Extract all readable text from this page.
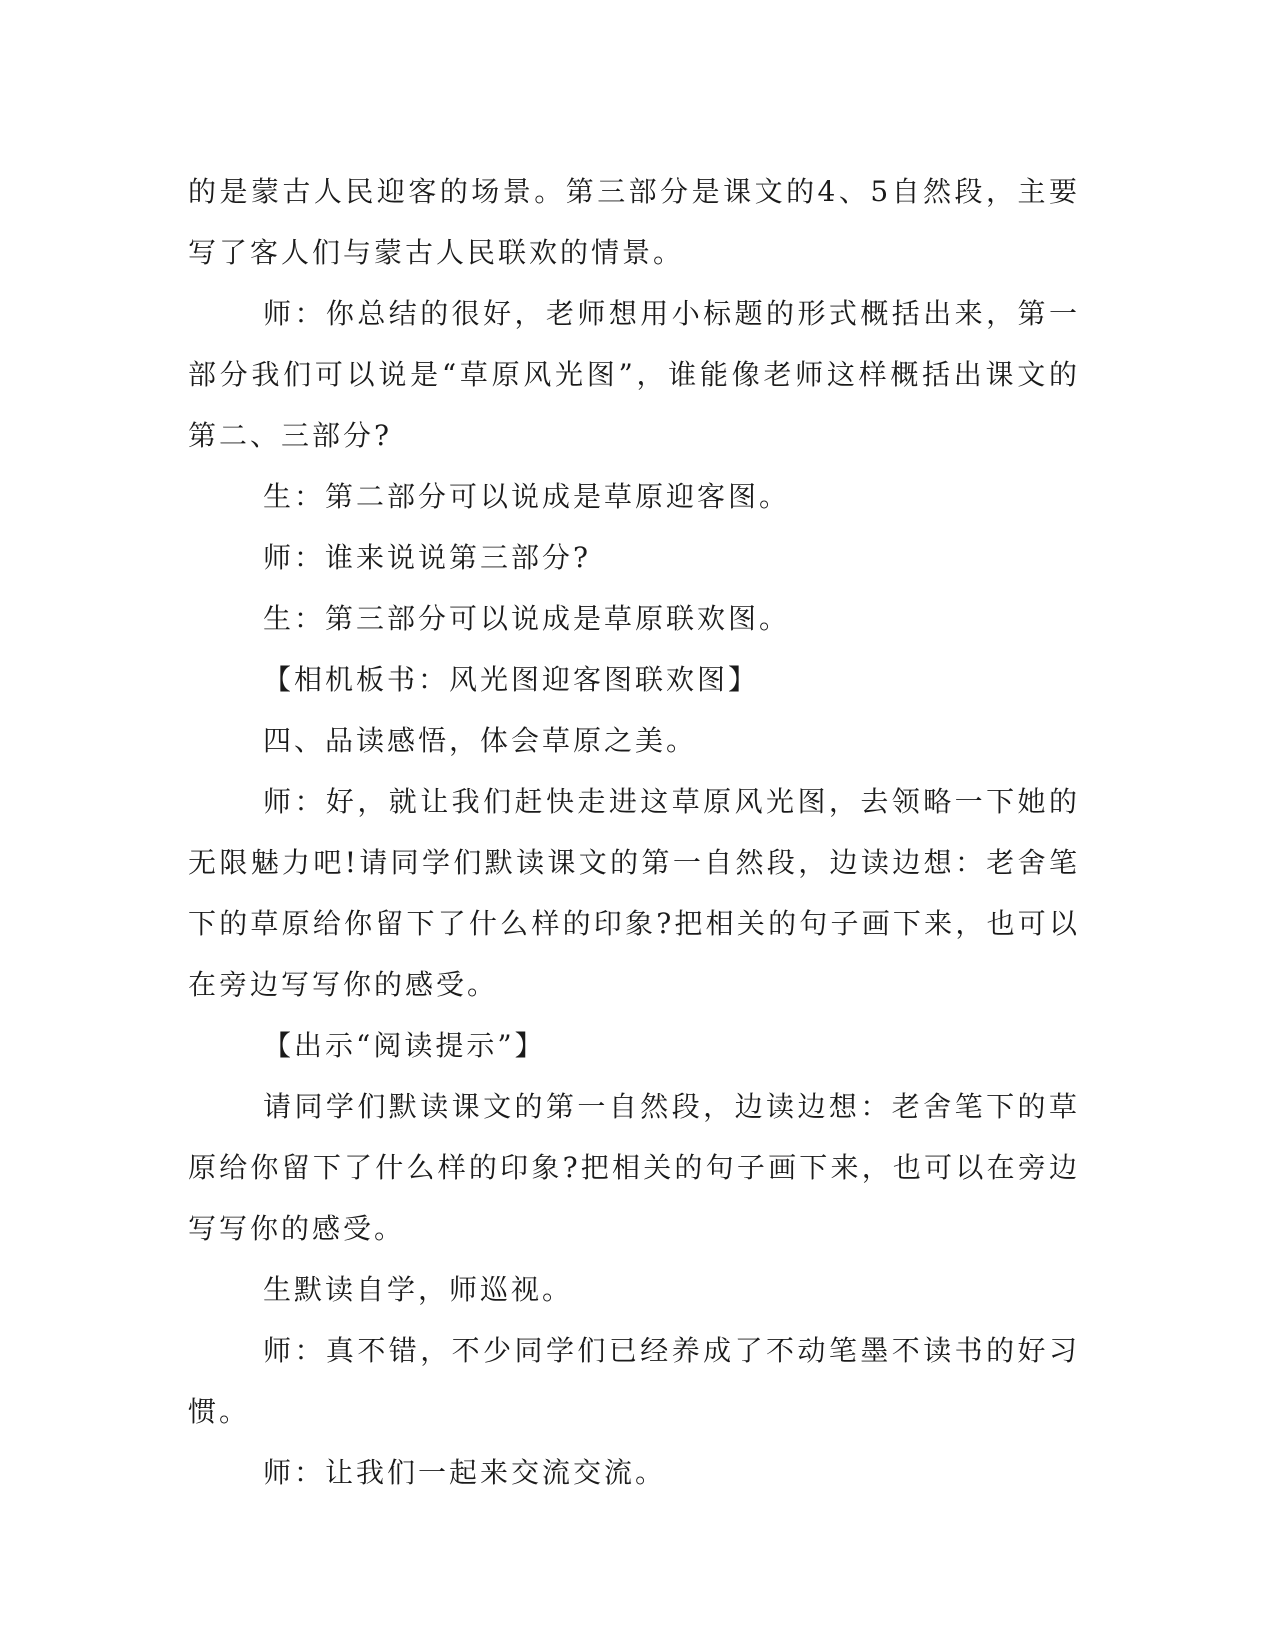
的是蒙古人民迎客的场景。第三部分是课文的4、5自然段，主要写了客人们与蒙古人民联欢的情景。

师：你总结的很好，老师想用小标题的形式概括出来，第一部分我们可以说是“草原风光图”，谁能像老师这样概括出课文的第二、三部分?

生：第二部分可以说成是草原迎客图。

师：谁来说说第三部分?

生：第三部分可以说成是草原联欢图。

【相机板书：风光图迎客图联欢图】

四、品读感悟，体会草原之美。

师：好，就让我们赶快走进这草原风光图，去领略一下她的无限魅力吧!请同学们默读课文的第一自然段，边读边想：老舍笔下的草原给你留下了什么样的印象?把相关的句子画下来，也可以在旁边写写你的感受。

【出示“阅读提示”】

请同学们默读课文的第一自然段，边读边想：老舍笔下的草原给你留下了什么样的印象?把相关的句子画下来，也可以在旁边写写你的感受。

生默读自学，师巡视。

师：真不错，不少同学们已经养成了不动笔墨不读书的好习惯。

师：让我们一起来交流交流。
